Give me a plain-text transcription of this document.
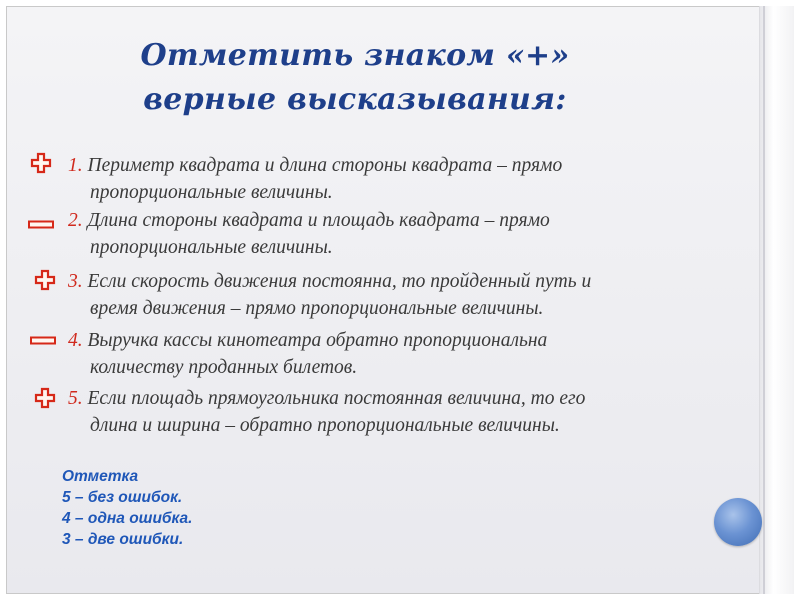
Отметить знаком «+»
верные высказывания:
1. Периметр квадрата и длина стороны квадрата – прямо
пропорциональные величины.
2. Длина стороны квадрата и площадь квадрата – прямо
пропорциональные величины.
3. Если скорость движения постоянна, то пройденный путь и
время движения – прямо пропорциональные величины.
4. Выручка кассы кинотеатра обратно пропорциональна
количеству проданных билетов.
5. Если площадь прямоугольника постоянная величина, то его
длина и ширина – обратно пропорциональные величины.
Отметка
5 – без ошибок.
4 – одна ошибка.
3 – две ошибки.
